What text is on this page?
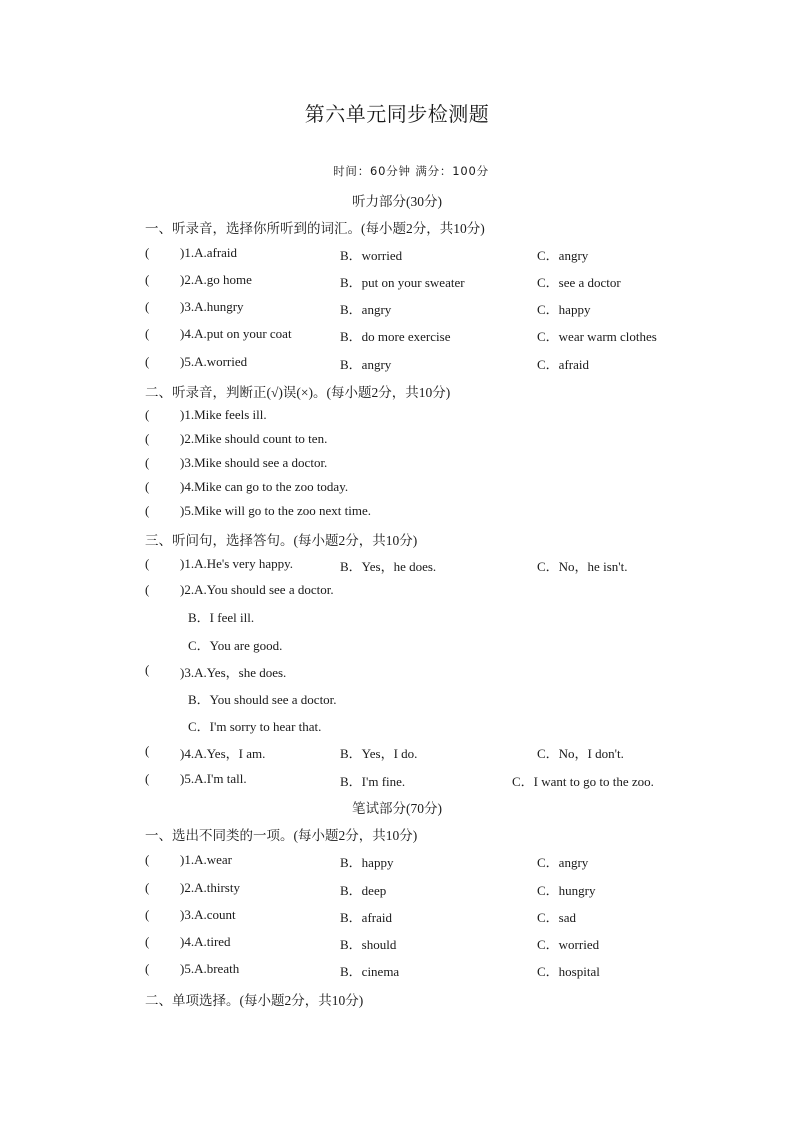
第六单元同步检测题
时间：60分钟 满分：100分
听力部分(30分)
一、听录音，选择你所听到的词汇。(每小题2分，共10分)
( )1.A.afraid	B．worried	C．angry
( )2.A.go home	B．put on your sweater	C．see a doctor
( )3.A.hungry	B．angry	C．happy
( )4.A.put on your coat	B．do more exercise	C．wear warm clothes
( )5.A.worried	B．angry	C．afraid
二、听录音，判断正(√)误(×)。(每小题2分，共10分)
( )1.Mike feels ill.
( )2.Mike should count to ten.
( )3.Mike should see a doctor.
( )4.Mike can go to the zoo today.
( )5.Mike will go to the zoo next time.
三、听问句，选择答句。(每小题2分，共10分)
( )1.A.He's very happy.	B．Yes，he does.	C．No，he isn't.
( )2.A.You should see a doctor.
B．I feel ill.
C．You are good.
( )3.A.Yes，she does.
B．You should see a doctor.
C．I'm sorry to hear that.
( )4.A.Yes，I am.	B．Yes，I do.	C．No，I don't.
( )5.A.I'm tall.	B．I'm fine.	C．I want to go to the zoo.
笔试部分(70分)
一、选出不同类的一项。(每小题2分，共10分)
( )1.A.wear	B．happy	C．angry
( )2.A.thirsty	B．deep	C．hungry
( )3.A.count	B．afraid	C．sad
( )4.A.tired	B．should	C．worried
( )5.A.breath	B．cinema	C．hospital
二、单项选择。(每小题2分，共10分)
